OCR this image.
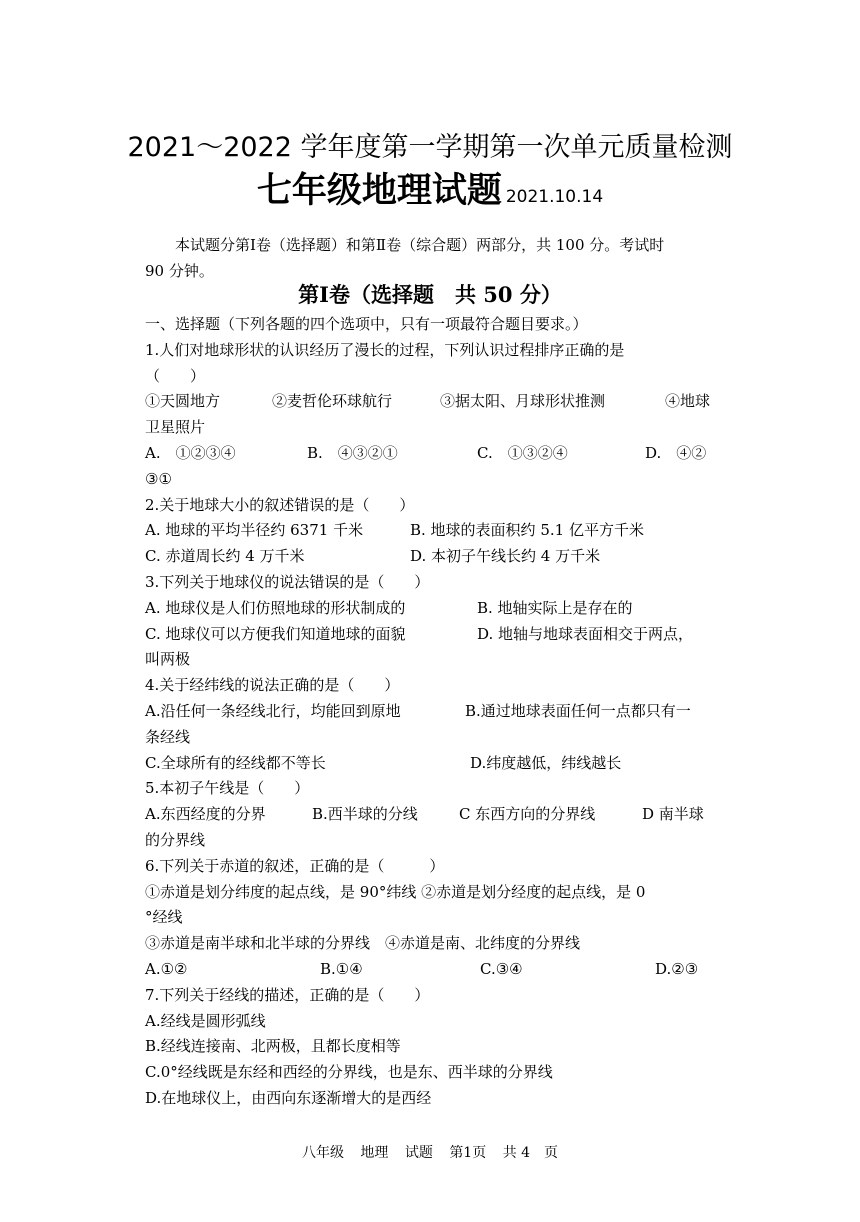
2021～2022 学年度第一学期第一次单元质量检测
七年级地理试题 2021.10.14
本试题分第Ⅰ卷（选择题）和第Ⅱ卷（综合题）两部分，共 100 分。考试时
90 分钟。
第Ⅰ卷（选择题　共 50 分）
一、选择题（下列各题的四个选项中，只有一项最符合题目要求。）
1.人们对地球形状的认识经历了漫长的过程，下列认识过程排序正确的是
（　　）
①天圆地方	②麦哲伦环球航行	③据太阳、月球形状推测	④地球
卫星照片
A.　①②③④	B.　④③②①	C.　①③②④	D.　④②
③①
2.关于地球大小的叙述错误的是（　　）
A. 地球的平均半径约 6371 千米	B. 地球的表面积约 5.1 亿平方千米
C. 赤道周长约 4 万千米	D. 本初子午线长约 4 万千米
3.下列关于地球仪的说法错误的是（　　）
A. 地球仪是人们仿照地球的形状制成的	B. 地轴实际上是存在的
C. 地球仪可以方便我们知道地球的面貌	D. 地轴与地球表面相交于两点，
叫两极
4.关于经纬线的说法正确的是（　　）
A.沿任何一条经线北行，均能回到原地	B.通过地球表面任何一点都只有一
条经线
C.全球所有的经线都不等长	D.纬度越低，纬线越长
5.本初子午线是（　　）
A.东西经度的分界	B.西半球的分线	C 东西方向的分界线	D 南半球
的分界线
6.下列关于赤道的叙述，正确的是（　　　）
①赤道是划分纬度的起点线，是 90°纬线 ②赤道是划分经度的起点线，是 0
°经线
③赤道是南半球和北半球的分界线　④赤道是南、北纬度的分界线
A.①②	B.①④	C.③④	D.②③
7.下列关于经线的描述，正确的是（　　）
A.经线是圆形弧线
B.经线连接南、北两极，且都长度相等
C.0°经线既是东经和西经的分界线，也是东、西半球的分界线
D.在地球仪上，由西向东逐渐增大的是西经
八年级 地理 试题 第1页 共 4　页
